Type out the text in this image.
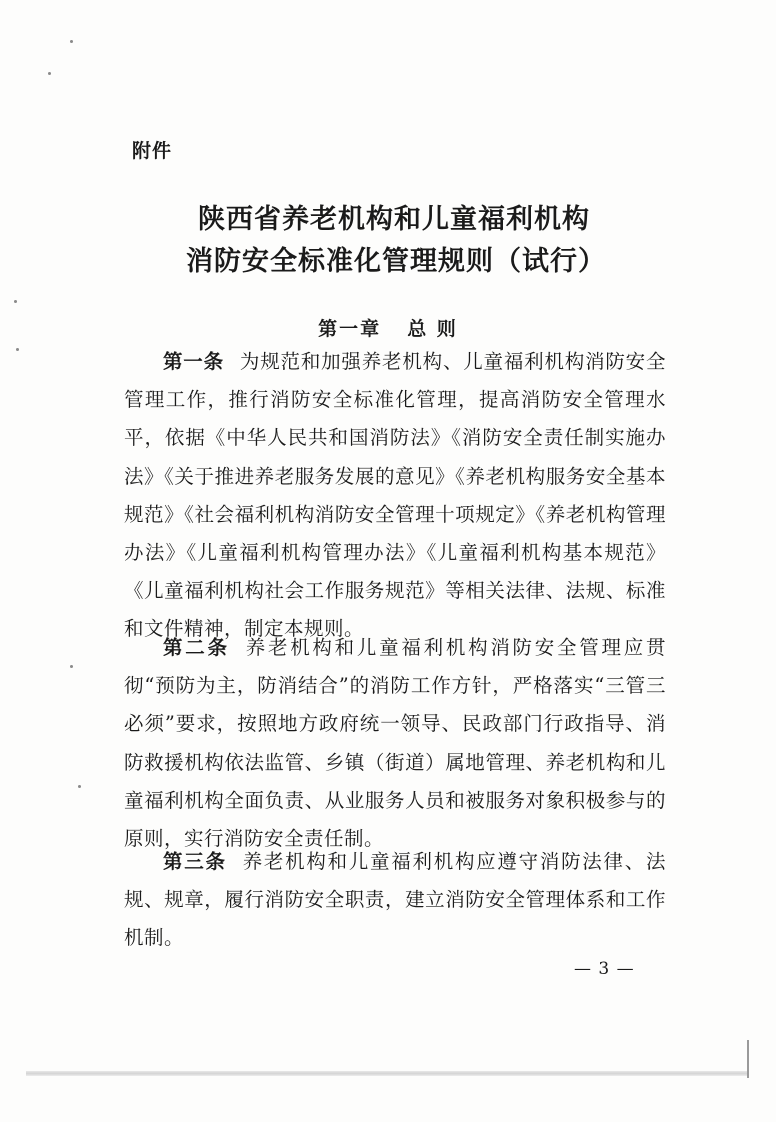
附件
陕西省养老机构和儿童福利机构
消防安全标准化管理规则（试行）
第一章 总 则

第一条 为规范和加强养老机构、儿童福利机构消防安全管理工作，推行消防安全标准化管理，提高消防安全管理水平，依据《中华人民共和国消防法》《消防安全责任制实施办法》《关于推进养老服务发展的意见》《养老机构服务安全基本规范》《社会福利机构消防安全管理十项规定》《养老机构管理办法》《儿童福利机构管理办法》《儿童福利机构基本规范》《儿童福利机构社会工作服务规范》等相关法律、法规、标准和文件精神，制定本规则。

第二条 养老机构和儿童福利机构消防安全管理应贯彻“预防为主，防消结合”的消防工作方针，严格落实“三管三必须”要求，按照地方政府统一领导、民政部门行政指导、消防救援机构依法监管、乡镇（街道）属地管理、养老机构和儿童福利机构全面负责、从业服务人员和被服务对象积极参与的原则，实行消防安全责任制。

第三条 养老机构和儿童福利机构应遵守消防法律、法规、规章，履行消防安全职责，建立消防安全管理体系和工作机制。

— 3 —
